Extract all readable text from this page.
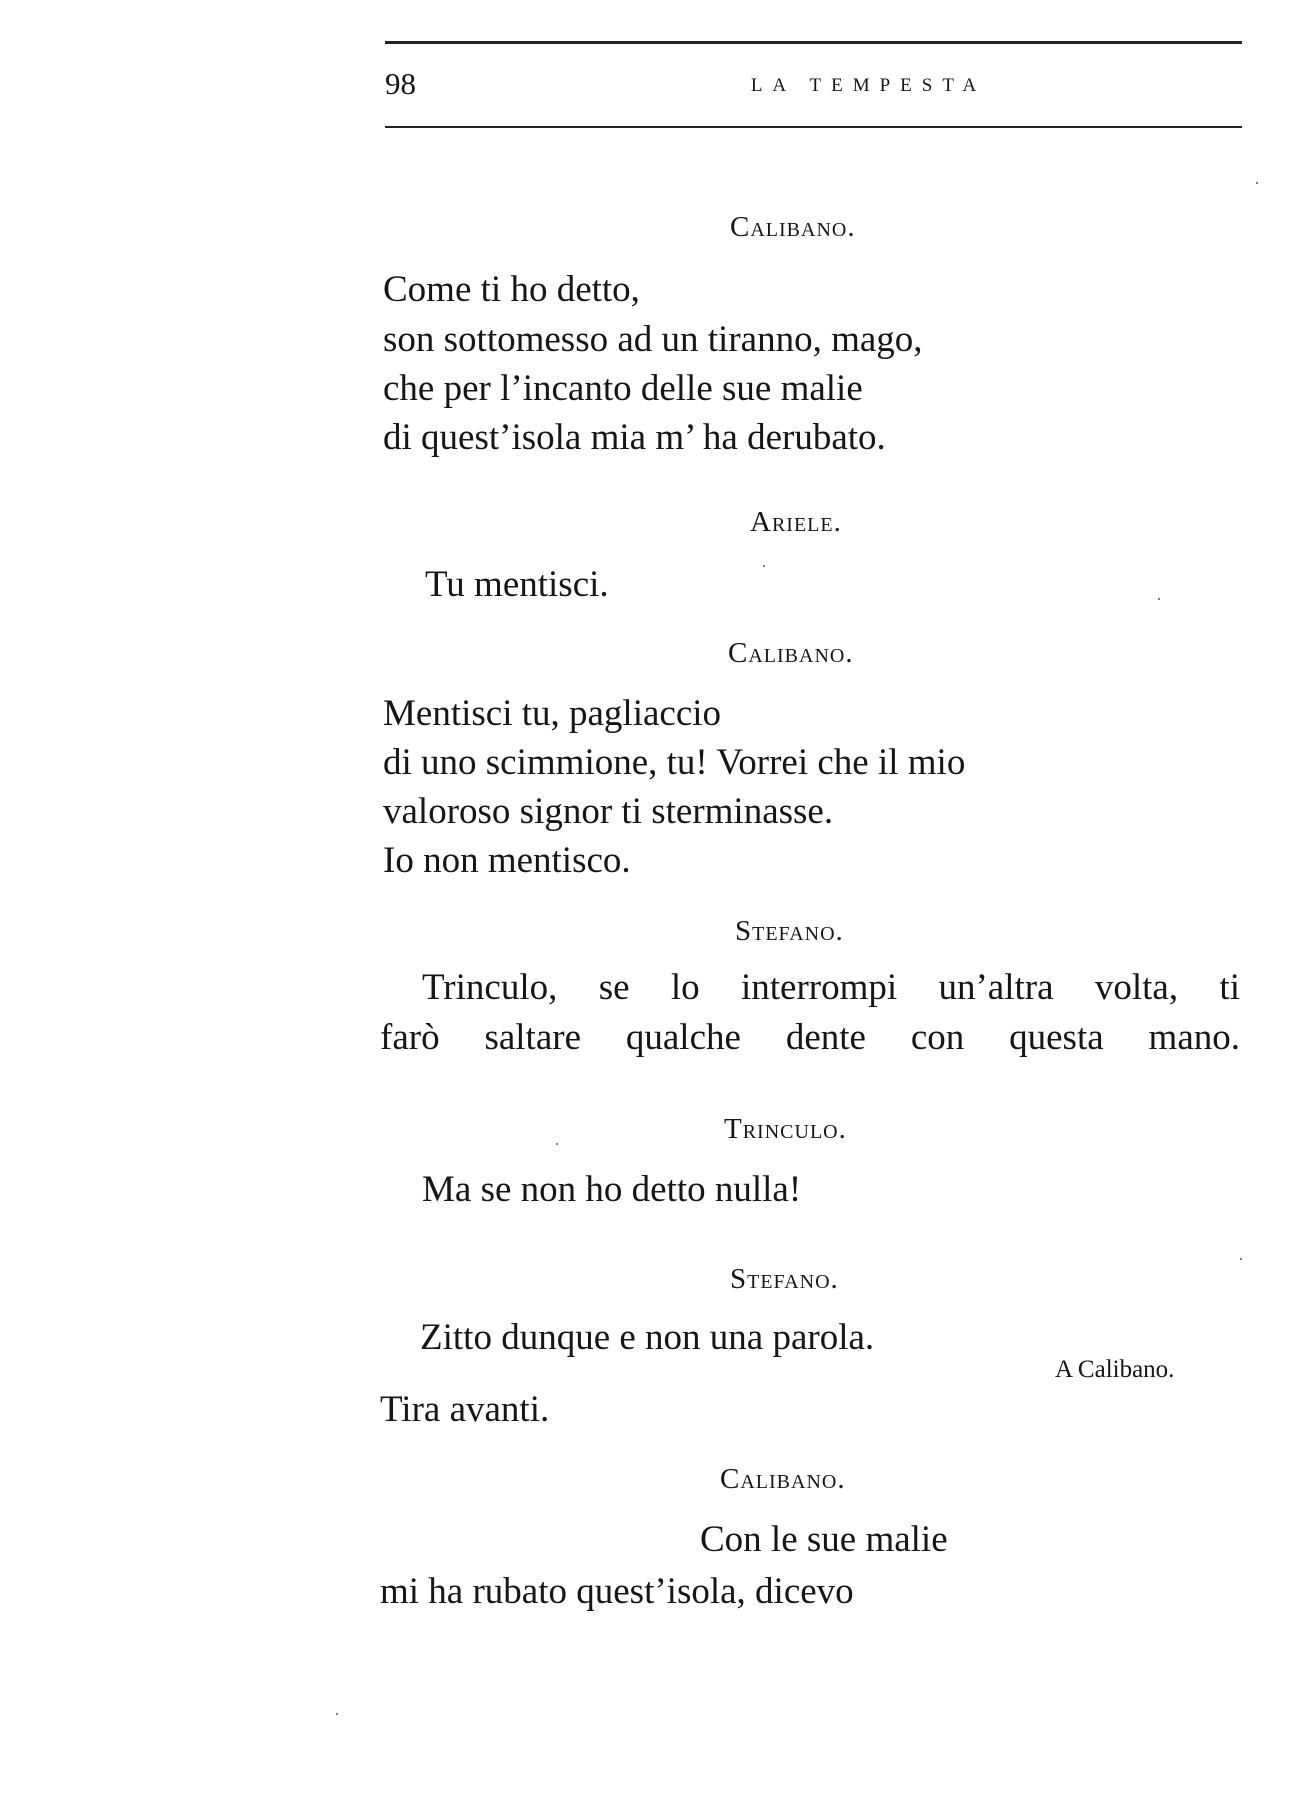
98	LA TEMPESTA
Calibano.
Come ti ho detto,
son sottomesso ad un tiranno, mago,
che per l’incanto delle sue malie
di quest’isola mia m’ ha derubato.
Ariele.
Tu mentisci.
Calibano.
Mentisci tu, pagliaccio
di uno scimmione, tu! Vorrei che il mio
valoroso signor ti sterminasse.
Io non mentisco.
Stefano.
Trinculo, se lo interrompi un’altra volta, ti
farò saltare qualche dente con questa mano.
Trinculo.
Ma se non ho detto nulla!
Stefano.
Zitto dunque e non una parola.
A Calibano.
Tira avanti.
Calibano.
Con le sue malie
mi ha rubato quest’isola, dicevo
